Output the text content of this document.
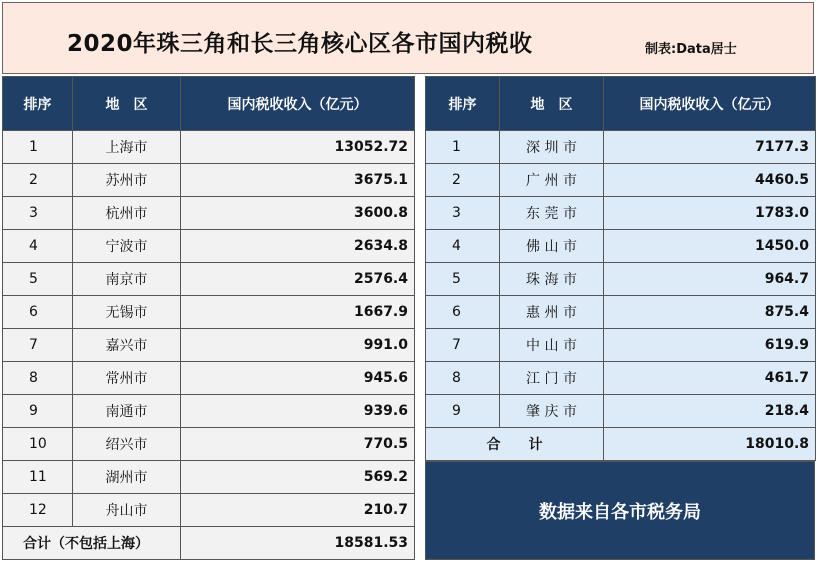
2020年珠三角和长三角核心区各市国内税收	制表:Data居士
排序	地　区	国内税收收入（亿元）
1	上海市	13052.72
2	苏州市	3675.1
3	杭州市	3600.8
4	宁波市	2634.8
5	南京市	2576.4
6	无锡市	1667.9
7	嘉兴市	991.0
8	常州市	945.6
9	南通市	939.6
10	绍兴市	770.5
11	湖州市	569.2
12	舟山市	210.7
合计（不包括上海）		18581.53
排序	地　区	国内税收收入（亿元）
1	深 圳 市	7177.3
2	广 州 市	4460.5
3	东 莞 市	1783.0
4	佛 山 市	1450.0
5	珠 海 市	964.7
6	惠 州 市	875.4
7	中 山 市	619.9
8	江 门 市	461.7
9	肇 庆 市	218.4
合　　计		18010.8
数据来自各市税务局
